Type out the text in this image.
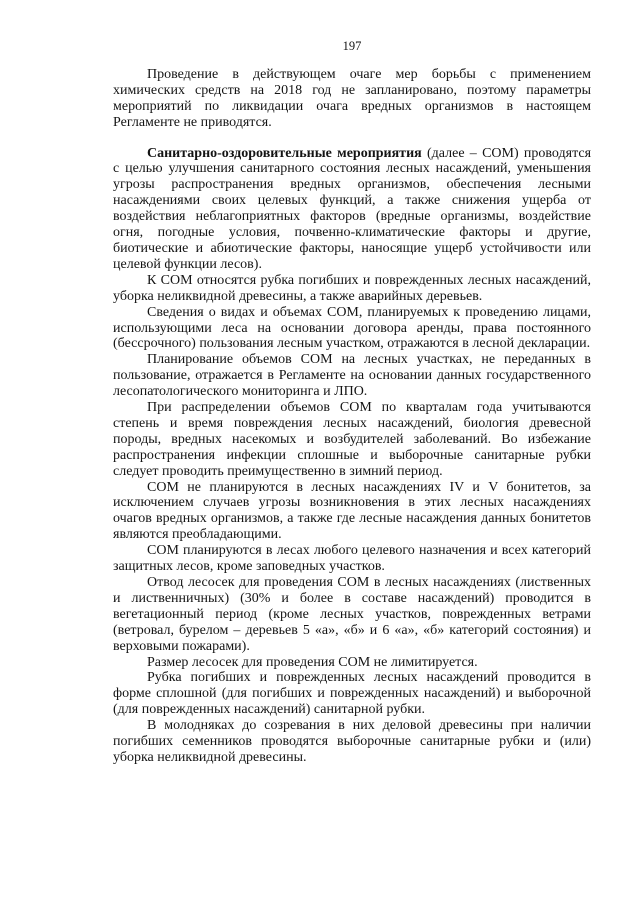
197

Проведение в действующем очаге мер борьбы с применением химических средств на 2018 год не запланировано, поэтому параметры мероприятий по ликвидации очага вредных организмов в настоящем Регламенте не приводятся.

Санитарно-оздоровительные мероприятия (далее – СОМ) проводятся с целью улучшения санитарного состояния лесных насаждений, уменьшения угрозы распространения вредных организмов, обеспечения лесными насаждениями своих целевых функций, а также снижения ущерба от воздействия неблагоприятных факторов (вредные организмы, воздействие огня, погодные условия, почвенно-климатические факторы и другие, биотические и абиотические факторы, наносящие ущерб устойчивости или целевой функции лесов).

К СОМ относятся рубка погибших и поврежденных лесных насаждений, уборка неликвидной древесины, а также аварийных деревьев.

Сведения о видах и объемах СОМ, планируемых к проведению лицами, использующими леса на основании договора аренды, права постоянного (бессрочного) пользования лесным участком, отражаются в лесной декларации.

Планирование объемов СОМ на лесных участках, не переданных в пользование, отражается в Регламенте на основании данных государственного лесопатологического мониторинга и ЛПО.

При распределении объемов СОМ по кварталам года учитываются степень и время повреждения лесных насаждений, биология древесной породы, вредных насекомых и возбудителей заболеваний. Во избежание распространения инфекции сплошные и выборочные санитарные рубки следует проводить преимущественно в зимний период.

СОМ не планируются в лесных насаждениях IV и V бонитетов, за исключением случаев угрозы возникновения в этих лесных насаждениях очагов вредных организмов, а также где лесные насаждения данных бонитетов являются преобладающими.

СОМ планируются в лесах любого целевого назначения и всех категорий защитных лесов, кроме заповедных участков.

Отвод лесосек для проведения СОМ в лесных насаждениях (лиственных и лиственничных) (30% и более в составе насаждений) проводится в вегетационный период (кроме лесных участков, поврежденных ветрами (ветровал, бурелом – деревьев 5 «а», «б» и 6 «а», «б» категорий состояния) и верховыми пожарами).

Размер лесосек для проведения СОМ не лимитируется.

Рубка погибших и поврежденных лесных насаждений проводится в форме сплошной (для погибших и поврежденных насаждений) и выборочной (для поврежденных насаждений) санитарной рубки.

В молодняках до созревания в них деловой древесины при наличии погибших семенников проводятся выборочные санитарные рубки и (или) уборка неликвидной древесины.
